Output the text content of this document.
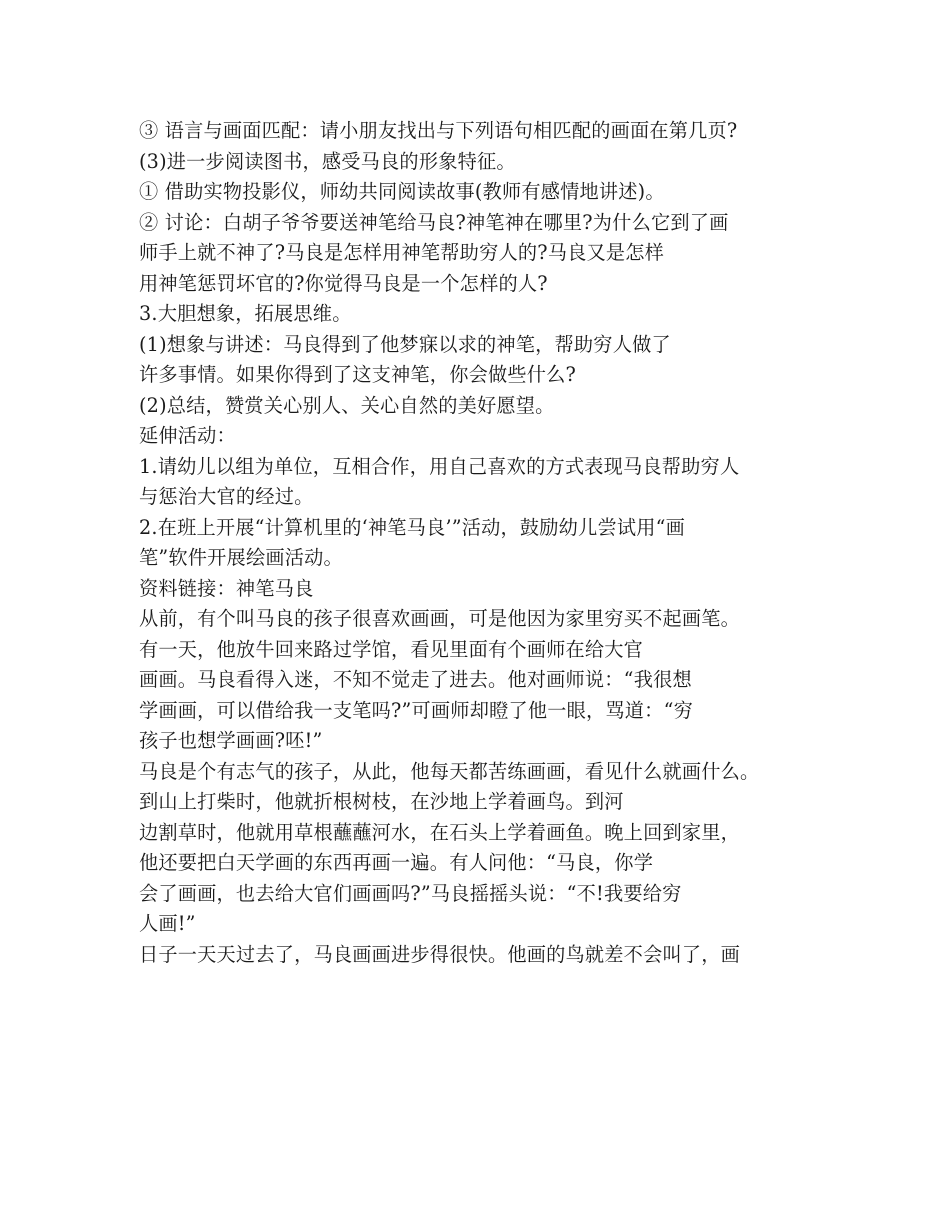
③ 语言与画面匹配：请小朋友找出与下列语句相匹配的画面在第几页?
(3)进一步阅读图书，感受马良的形象特征。
① 借助实物投影仪，师幼共同阅读故事(教师有感情地讲述)。
② 讨论：白胡子爷爷要送神笔给马良?神笔神在哪里?为什么它到了画
师手上就不神了?马良是怎样用神笔帮助穷人的?马良又是怎样
用神笔惩罚坏官的?你觉得马良是一个怎样的人?
3.大胆想象，拓展思维。
(1)想象与讲述：马良得到了他梦寐以求的神笔，帮助穷人做了
许多事情。如果你得到了这支神笔，你会做些什么?
(2)总结，赞赏关心别人、关心自然的美好愿望。
延伸活动：
1.请幼儿以组为单位，互相合作，用自己喜欢的方式表现马良帮助穷人
与惩治大官的经过。
2.在班上开展“计算机里的‘神笔马良’”活动，鼓励幼儿尝试用“画
笔”软件开展绘画活动。
资料链接：神笔马良
从前，有个叫马良的孩子很喜欢画画，可是他因为家里穷买不起画笔。
有一天，他放牛回来路过学馆，看见里面有个画师在给大官
画画。马良看得入迷，不知不觉走了进去。他对画师说：“我很想
学画画，可以借给我一支笔吗?”可画师却瞪了他一眼，骂道：“穷
孩子也想学画画?呸!”
马良是个有志气的孩子，从此，他每天都苦练画画，看见什么就画什么。
到山上打柴时，他就折根树枝，在沙地上学着画鸟。到河
边割草时，他就用草根蘸蘸河水，在石头上学着画鱼。晚上回到家里，
他还要把白天学画的东西再画一遍。有人问他：“马良，你学
会了画画，也去给大官们画画吗?”马良摇摇头说：“不!我要给穷
人画!”
日子一天天过去了，马良画画进步得很快。他画的鸟就差不会叫了，画
